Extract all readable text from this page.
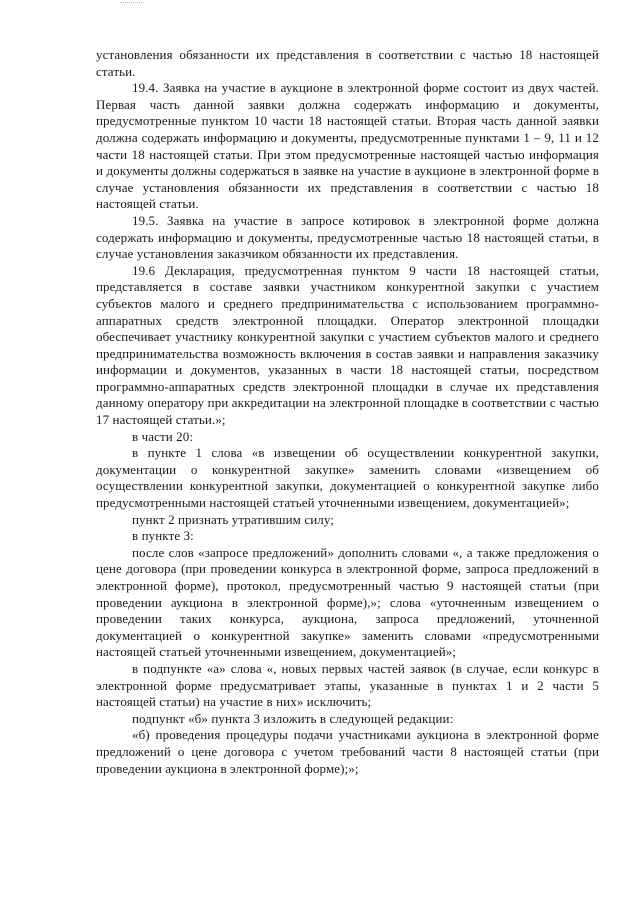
установления обязанности их представления в соответствии с частью 18 настоящей статьи.

19.4. Заявка на участие в аукционе в электронной форме состоит из двух частей. Первая часть данной заявки должна содержать информацию и документы, предусмотренные пунктом 10 части 18 настоящей статьи. Вторая часть данной заявки должна содержать информацию и документы, предусмотренные пунктами 1 – 9, 11 и 12 части 18 настоящей статьи. При этом предусмотренные настоящей частью информация и документы должны содержаться в заявке на участие в аукционе в электронной форме в случае установления обязанности их представления в соответствии с частью 18 настоящей статьи.

19.5. Заявка на участие в запросе котировок в электронной форме должна содержать информацию и документы, предусмотренные частью 18 настоящей статьи, в случае установления заказчиком обязанности их представления.

19.6 Декларация, предусмотренная пунктом 9 части 18 настоящей статьи, представляется в составе заявки участником конкурентной закупки с участием субъектов малого и среднего предпринимательства с использованием программно-аппаратных средств электронной площадки. Оператор электронной площадки обеспечивает участнику конкурентной закупки с участием субъектов малого и среднего предпринимательства возможность включения в состав заявки и направления заказчику информации и документов, указанных в части 18 настоящей статьи, посредством программно-аппаратных средств электронной площадки в случае их представления данному оператору при аккредитации на электронной площадке в соответствии с частью 17 настоящей статьи.»;

в части 20:

в пункте 1 слова «в извещении об осуществлении конкурентной закупки, документации о конкурентной закупке» заменить словами «извещением об осуществлении конкурентной закупки, документацией о конкурентной закупке либо предусмотренными настоящей статьей уточненными извещением, документацией»;

пункт 2 признать утратившим силу;

в пункте 3:

после слов «запросе предложений» дополнить словами «, а также предложения о цене договора (при проведении конкурса в электронной форме, запроса предложений в электронной форме), протокол, предусмотренный частью 9 настоящей статьи (при проведении аукциона в электронной форме),»; слова «уточненным извещением о проведении таких конкурса, аукциона, запроса предложений, уточненной документацией о конкурентной закупке» заменить словами «предусмотренными настоящей статьей уточненными извещением, документацией»;

в подпункте «а» слова «, новых первых частей заявок (в случае, если конкурс в электронной форме предусматривает этапы, указанные в пунктах 1 и 2 части 5 настоящей статьи) на участие в них» исключить;

подпункт «б» пункта 3 изложить в следующей редакции:

«б) проведения процедуры подачи участниками аукциона в электронной форме предложений о цене договора с учетом требований части 8 настоящей статьи (при проведении аукциона в электронной форме);»;
